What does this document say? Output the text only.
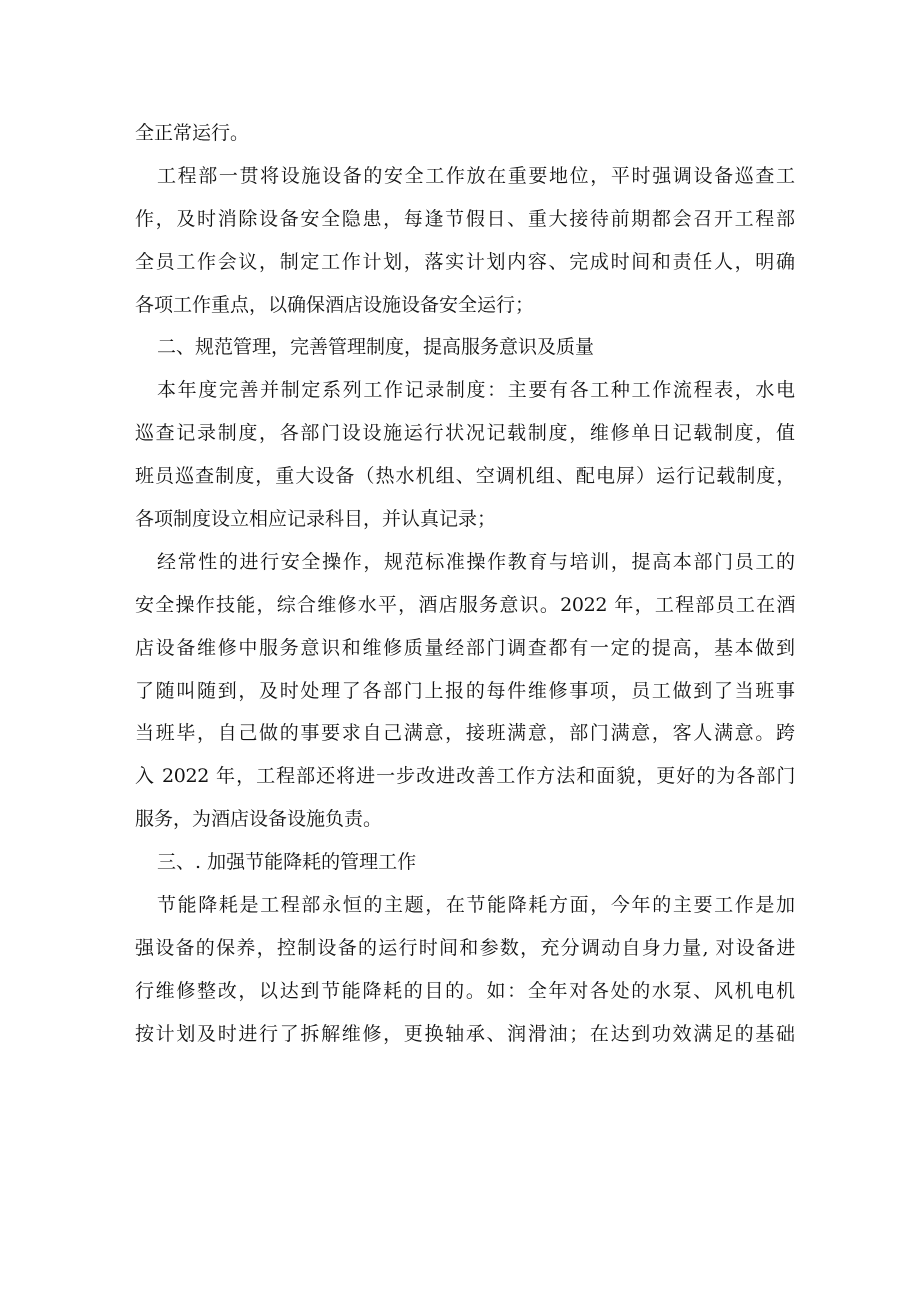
全正常运行。
工程部一贯将设施设备的安全工作放在重要地位，平时强调设备巡查工
作，及时消除设备安全隐患，每逢节假日、重大接待前期都会召开工程部
全员工作会议，制定工作计划，落实计划内容、完成时间和责任人，明确
各项工作重点，以确保酒店设施设备安全运行；
二、规范管理，完善管理制度，提高服务意识及质量
本年度完善并制定系列工作记录制度：主要有各工种工作流程表，水电
巡查记录制度，各部门设设施运行状况记载制度，维修单日记载制度，值
班员巡查制度，重大设备（热水机组、空调机组、配电屏）运行记载制度，
各项制度设立相应记录科目，并认真记录；
经常性的进行安全操作，规范标准操作教育与培训，提高本部门员工的
安全操作技能，综合维修水平，酒店服务意识。2022 年，工程部员工在酒
店设备维修中服务意识和维修质量经部门调查都有一定的提高，基本做到
了随叫随到，及时处理了各部门上报的每件维修事项，员工做到了当班事
当班毕，自己做的事要求自己满意，接班满意，部门满意，客人满意。跨
入 2022 年，工程部还将进一步改进改善工作方法和面貌，更好的为各部门
服务，为酒店设备设施负责。
三、. 加强节能降耗的管理工作
节能降耗是工程部永恒的主题，在节能降耗方面，今年的主要工作是加
强设备的保养，控制设备的运行时间和参数，充分调动自身力量, 对设备进
行维修整改，以达到节能降耗的目的。如：全年对各处的水泵、风机电机
按计划及时进行了拆解维修，更换轴承、润滑油；在达到功效满足的基础
